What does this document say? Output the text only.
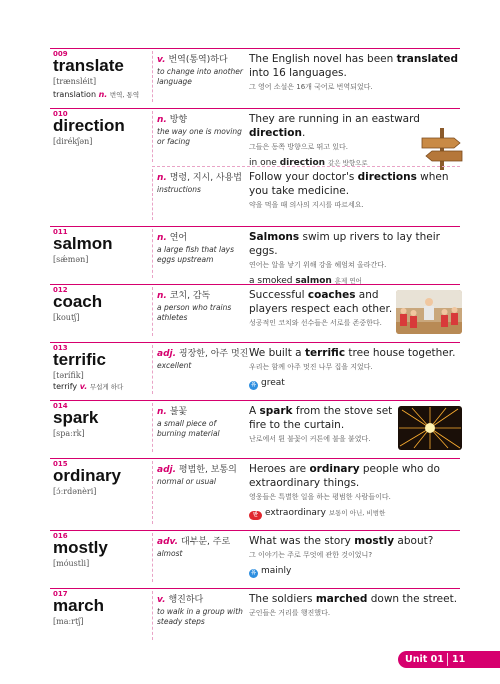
009
translate
[trænsléit]
translation n. 번역, 통역
v. 번역(통역)하다
to change into another language
The English novel has been translated into 16 languages.
그 영어 소설은 16개 국어로 번역되었다.
010
direction
[dirékʃən]
n. 방향
the way one is moving or facing
They are running in an eastward direction.
그들은 동쪽 방향으로 뛰고 있다.
in one direction 같은 방향으로
n. 명령, 지시, 사용법
instructions
Follow your doctor's directions when you take medicine.
약을 먹을 때 의사의 지시를 따르세요.
011
salmon
[sǽmən]
n. 연어
a large fish that lays eggs upstream
Salmons swim up rivers to lay their eggs.
연어는 알을 낳기 위해 강을 헤엄쳐 올라간다.
a smoked salmon 훈제 연어
012
coach
[koutʃ]
n. 코치, 감독
a person who trains athletes
Successful coaches and players respect each other.
성공적인 코치와 선수들은 서로를 존중한다.
013
terrific
[tərífik]
terrify v. 무섭게 하다
adj. 굉장한, 아주 멋진
excellent
We built a terrific tree house together.
우리는 함께 아주 멋진 나무 집을 지었다.
유 great
014
spark
[spaːrk]
n. 불꽃
a small piece of burning material
A spark from the stove set fire to the curtain.
난로에서 튄 불꽃이 커튼에 불을 붙였다.
015
ordinary
[ɔ́ːrdənèri]
adj. 평범한, 보통의
normal or usual
Heroes are ordinary people who do extraordinary things.
영웅들은 특별한 일을 하는 평범한 사람들이다.
반 extraordinary 보통이 아닌, 비범한
016
mostly
[móustli]
adv. 대부분, 주로
almost
What was the story mostly about?
그 이야기는 주로 무엇에 관한 것이었니?
유 mainly
017
march
[maːrtʃ]
v. 행진하다
to walk in a group with steady steps
The soldiers marched down the street.
군인들은 거리를 행진했다.
Unit 01 11
